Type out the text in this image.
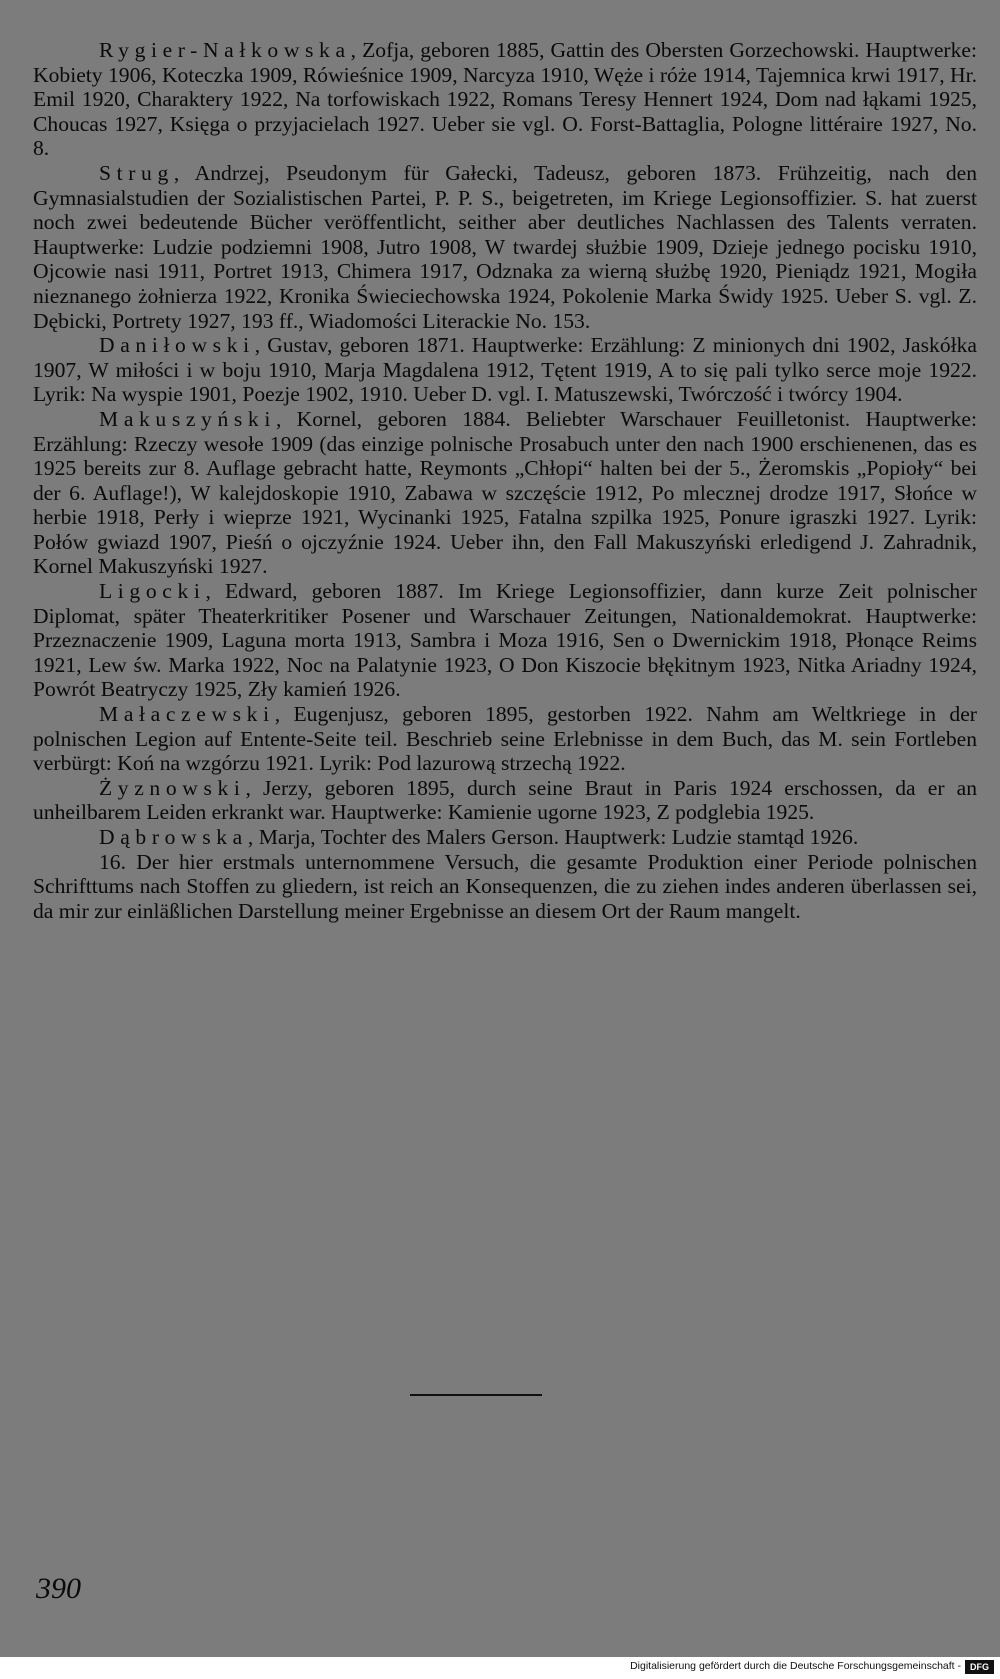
Rygier-Nałkowska, Zofja, geboren 1885, Gattin des Obersten Gorzechowski. Hauptwerke: Kobiety 1906, Koteczka 1909, Rówieśnice 1909, Narcyza 1910, Węże i róże 1914, Tajemnica krwi 1917, Hr. Emil 1920, Charaktery 1922, Na torfowiskach 1922, Romans Teresy Hennert 1924, Dom nad łąkami 1925, Choucas 1927, Księga o przyjacielach 1927. Ueber sie vgl. O. Forst-Battaglia, Pologne littéraire 1927, No. 8.

Strug, Andrzej, Pseudonym für Gałecki, Tadeusz, geboren 1873. Frühzeitig, nach den Gymnasialstudien der Sozialistischen Partei, P. P. S., beigetreten, im Kriege Legionsoffizier. S. hat zuerst noch zwei bedeutende Bücher veröffentlicht, seither aber deutliches Nachlassen des Talents verraten. Hauptwerke: Ludzie podziemni 1908, Jutro 1908, W twardej służbie 1909, Dzieje jednego pocisku 1910, Ojcowie nasi 1911, Portret 1913, Chimera 1917, Odznaka za wierną służbę 1920, Pieniądz 1921, Mogiła nieznanego żołnierza 1922, Kronika Świeciechowska 1924, Pokolenie Marka Świdy 1925. Ueber S. vgl. Z. Dębicki, Portrety 1927, 193 ff., Wiadomości Literackie No. 153.

Daniłowski, Gustav, geboren 1871. Hauptwerke: Erzählung: Z minionych dni 1902, Jaskółka 1907, W miłości i w boju 1910, Marja Magdalena 1912, Tętent 1919, A to się pali tylko serce moje 1922. Lyrik: Na wyspie 1901, Poezje 1902, 1910. Ueber D. vgl. I. Matuszewski, Twórczość i twórcy 1904.

Makuszyński, Kornel, geboren 1884. Beliebter Warschauer Feuilletonist. Hauptwerke: Erzählung: Rzeczy wesołe 1909 (das einzige polnische Prosabuch unter den nach 1900 erschienenen, das es 1925 bereits zur 8. Auflage gebracht hatte, Reymonts „Chłopi“ halten bei der 5., Żeromskis „Popioły“ bei der 6. Auflage!), W kalejdoskopie 1910, Zabawa w szczęście 1912, Po mlecznej drodze 1917, Słońce w herbie 1918, Perły i wieprze 1921, Wycinanki 1925, Fatalna szpilka 1925, Ponure igraszki 1927. Lyrik: Połów gwiazd 1907, Pieśń o ojczyźnie 1924. Ueber ihn, den Fall Makuszyński erledigend J. Zahradnik, Kornel Makuszyński 1927.

Ligocki, Edward, geboren 1887. Im Kriege Legionsoffizier, dann kurze Zeit polnischer Diplomat, später Theaterkritiker Posener und Warschauer Zeitungen, Nationaldemokrat. Hauptwerke: Przeznaczenie 1909, Laguna morta 1913, Sambra i Moza 1916, Sen o Dwernickim 1918, Płonące Reims 1921, Lew św. Marka 1922, Noc na Palatynie 1923, O Don Kiszocie błękitnym 1923, Nitka Ariadny 1924, Powrót Beatryczy 1925, Zły kamień 1926.

Małaczewski, Eugenjusz, geboren 1895, gestorben 1922. Nahm am Weltkriege in der polnischen Legion auf Entente-Seite teil. Beschrieb seine Erlebnisse in dem Buch, das M. sein Fortleben verbürgt: Koń na wzgórzu 1921. Lyrik: Pod lazurową strzechą 1922.

Żyznowski, Jerzy, geboren 1895, durch seine Braut in Paris 1924 erschossen, da er an unheilbarem Leiden erkrankt war. Hauptwerke: Kamienie ugorne 1923, Z podglebia 1925.

Dąbrowska, Marja, Tochter des Malers Gerson. Hauptwerk: Ludzie stamtąd 1926.

16. Der hier erstmals unternommene Versuch, die gesamte Produktion einer Periode polnischen Schrifttums nach Stoffen zu gliedern, ist reich an Konsequenzen, die zu ziehen indes anderen überlassen sei, da mir zur einläßlichen Darstellung meiner Ergebnisse an diesem Ort der Raum mangelt.

390
Digitalisierung gefördert durch die Deutsche Forschungsgemeinschaft -	DFG
